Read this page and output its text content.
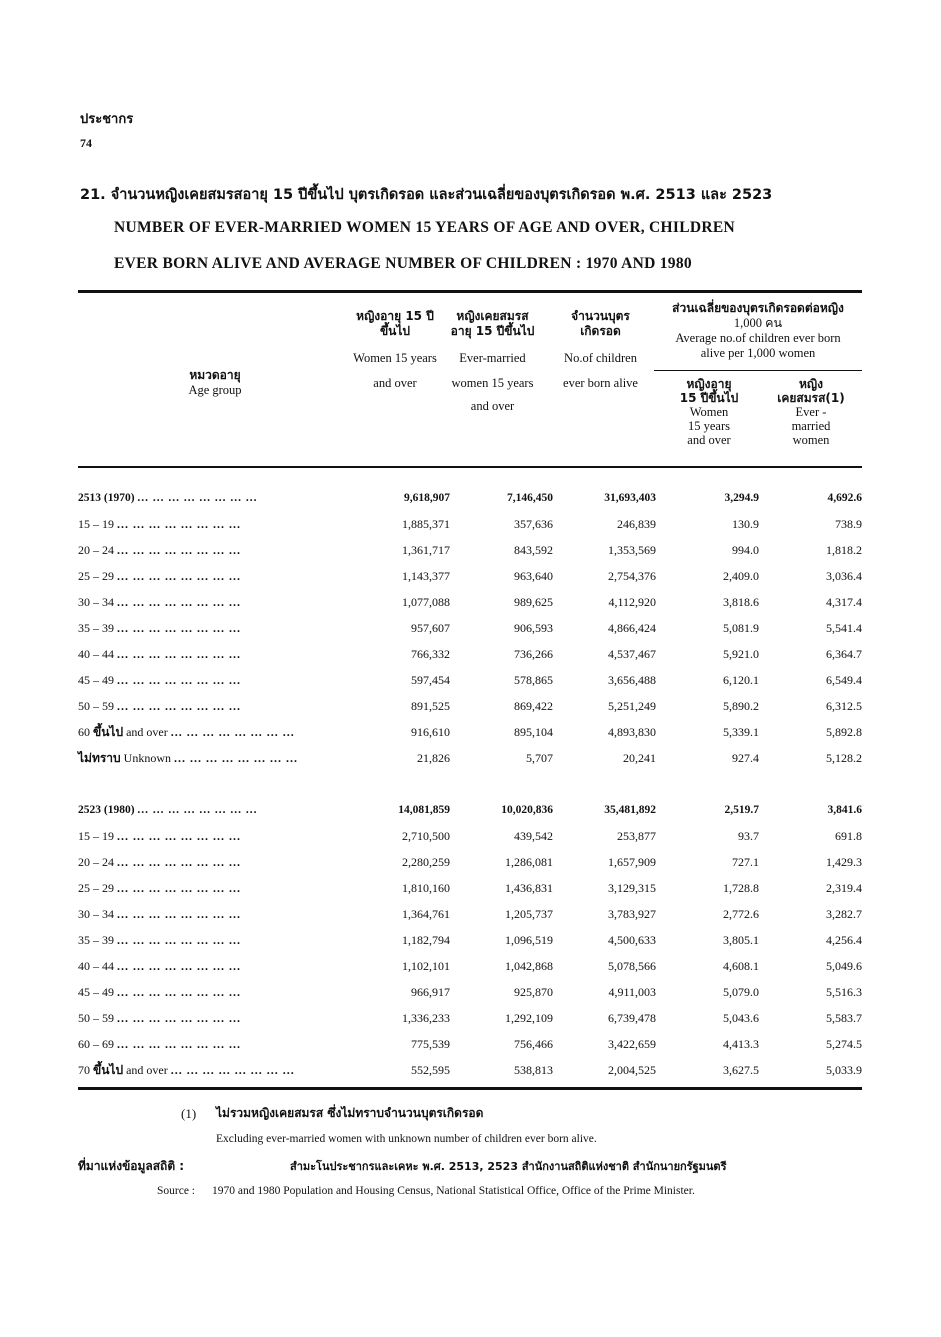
ประชากร
74
21. จำนวนหญิงเคยสมรสอายุ 15 ปีขึ้นไป บุตรเกิดรอด และส่วนเฉลี่ยของบุตรเกิดรอด พ.ศ. 2513 และ 2523
NUMBER OF EVER-MARRIED WOMEN 15 YEARS OF AGE AND OVER, CHILDREN
EVER BORN ALIVE AND AVERAGE NUMBER OF CHILDREN : 1970 AND 1980
หมวดอายุ
Age group
หญิงอายุ 15 ปี
ขึ้นไป
Women 15 years
and over
หญิงเคยสมรส
อายุ 15 ปีขึ้นไป
Ever-married
women 15 years
and over
จำนวนบุตร
เกิดรอด
No.of children
ever born alive
ส่วนเฉลี่ยของบุตรเกิดรอดต่อหญิง
1,000 คน
Average no.of children ever born
alive per 1,000 women
หญิงอายุ
15 ปีขึ้นไป
Women
15 years
and over
หญิง
เคยสมรส(1)
Ever -
married
women
2513 (1970) ... ... ... ... ... ... ... ...	9,618,907	7,146,450	31,693,403	3,294.9	4,692.6
15 – 19 ... ... ... ... ... ... ... ...	1,885,371	357,636	246,839	130.9	738.9
20 – 24 ... ... ... ... ... ... ... ...	1,361,717	843,592	1,353,569	994.0	1,818.2
25 – 29 ... ... ... ... ... ... ... ...	1,143,377	963,640	2,754,376	2,409.0	3,036.4
30 – 34 ... ... ... ... ... ... ... ...	1,077,088	989,625	4,112,920	3,818.6	4,317.4
35 – 39 ... ... ... ... ... ... ... ...	957,607	906,593	4,866,424	5,081.9	5,541.4
40 – 44 ... ... ... ... ... ... ... ...	766,332	736,266	4,537,467	5,921.0	6,364.7
45 – 49 ... ... ... ... ... ... ... ...	597,454	578,865	3,656,488	6,120.1	6,549.4
50 – 59 ... ... ... ... ... ... ... ...	891,525	869,422	5,251,249	5,890.2	6,312.5
60 ขึ้นไป and over ... ... ... ... ... ... ... ...	916,610	895,104	4,893,830	5,339.1	5,892.8
ไม่ทราบ Unknown ... ... ... ... ... ... ... ...	21,826	5,707	20,241	927.4	5,128.2

2523 (1980) ... ... ... ... ... ... ... ...	14,081,859	10,020,836	35,481,892	2,519.7	3,841.6
15 – 19 ... ... ... ... ... ... ... ...	2,710,500	439,542	253,877	93.7	691.8
20 – 24 ... ... ... ... ... ... ... ...	2,280,259	1,286,081	1,657,909	727.1	1,429.3
25 – 29 ... ... ... ... ... ... ... ...	1,810,160	1,436,831	3,129,315	1,728.8	2,319.4
30 – 34 ... ... ... ... ... ... ... ...	1,364,761	1,205,737	3,783,927	2,772.6	3,282.7
35 – 39 ... ... ... ... ... ... ... ...	1,182,794	1,096,519	4,500,633	3,805.1	4,256.4
40 – 44 ... ... ... ... ... ... ... ...	1,102,101	1,042,868	5,078,566	4,608.1	5,049.6
45 – 49 ... ... ... ... ... ... ... ...	966,917	925,870	4,911,003	5,079.0	5,516.3
50 – 59 ... ... ... ... ... ... ... ...	1,336,233	1,292,109	6,739,478	5,043.6	5,583.7
60 – 69 ... ... ... ... ... ... ... ...	775,539	756,466	3,422,659	4,413.3	5,274.5
70 ขึ้นไป and over ... ... ... ... ... ... ... ...	552,595	538,813	2,004,525	3,627.5	5,033.9
(1) ไม่รวมหญิงเคยสมรส ซึ่งไม่ทราบจำนวนบุตรเกิดรอด
Excluding ever-married women with unknown number of children ever born alive.
ที่มาแห่งข้อมูลสถิติ :	สำมะโนประชากรและเคหะ พ.ศ. 2513, 2523 สำนักงานสถิติแห่งชาติ สำนักนายกรัฐมนตรี
Source : 1970 and 1980 Population and Housing Census, National Statistical Office, Office of the Prime Minister.
